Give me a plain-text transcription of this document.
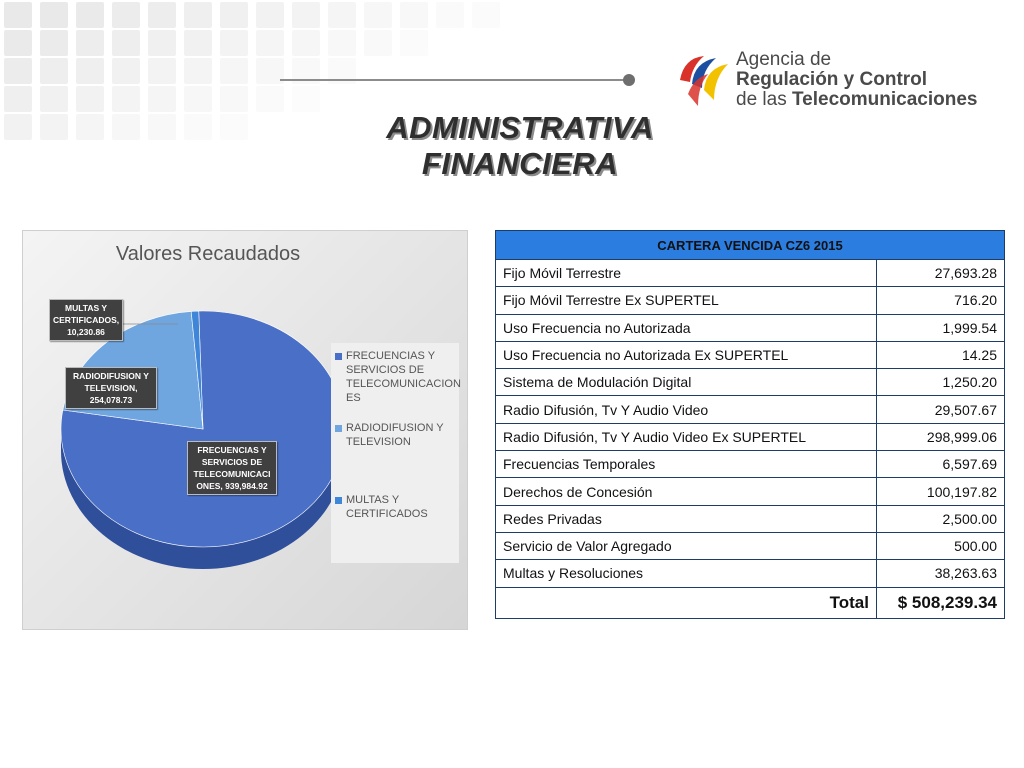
Agencia de
Regulación y Control
de las Telecomunicaciones
ADMINISTRATIVA FINANCIERA
Valores Recaudados
MULTAS Y CERTIFICADOS, 10,230.86
RADIODIFUSION Y TELEVISION, 254,078.73
FRECUENCIAS Y SERVICIOS DE TELECOMUNICACI ONES, 939,984.92
FRECUENCIAS Y SERVICIOS DE TELECOMUNICACION ES
RADIODIFUSION Y TELEVISION
MULTAS Y CERTIFICADOS
CARTERA VENCIDA CZ6 2015	
Fijo Móvil Terrestre	27,693.28
Fijo Móvil Terrestre Ex SUPERTEL	716.20
Uso Frecuencia no Autorizada	1,999.54
Uso Frecuencia no Autorizada Ex SUPERTEL	14.25
Sistema de Modulación Digital	1,250.20
Radio Difusión, Tv Y Audio Video	29,507.67
Radio Difusión, Tv Y Audio Video Ex SUPERTEL	298,999.06
Frecuencias Temporales	6,597.69
Derechos de Concesión	100,197.82
Redes Privadas	2,500.00
Servicio de Valor Agregado	500.00
Multas y Resoluciones	38,263.63
Total	$ 508,239.34
